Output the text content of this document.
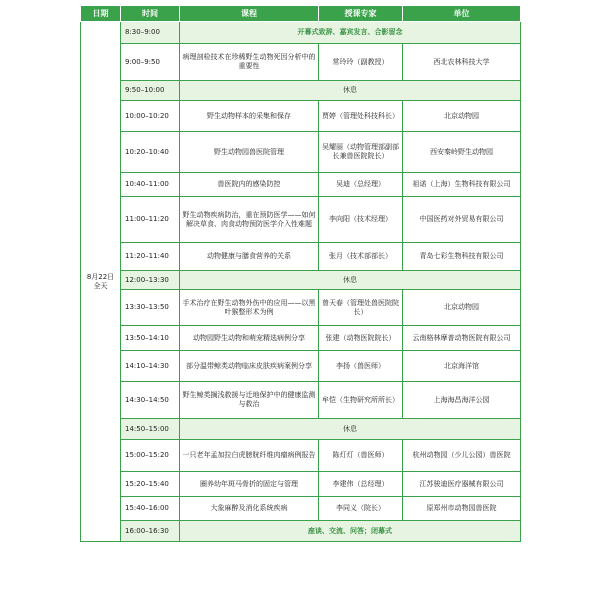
日期	时间	课程	授课专家	单位

8月22日
全天	8:30–9:00	开幕式致辞、嘉宾发言、合影留念		
	9:00–9:50	病理剖检技术在珍稀野生动物死因分析中的重要性	常玲玲（副教授）	西北农林科技大学
	9:50–10:00	休息		
	10:00–10:20	野生动物样本的采集和保存	贾婷（管理处科技科长）	北京动物园
	10:20–10:40	野生动物园兽医院管理	吴耀丽（动物管理部副部长兼兽医院院长）	西安秦岭野生动物园
	10:40–11:00	兽医院内的感染防控	吴迪（总经理）	祖诺（上海）生物科技有限公司
	11:00–11:20	野生动物疾病防治，重在预防医学——如何解决草食、肉食动物预防医学介入性难题	李向阳（技术经理）	中国医药对外贸易有限公司
	11:20–11:40	动物健康与膳食营养的关系	张月（技术部部长）	青岛七彩生物科技有限公司
	12:00–13:30	休息		
	13:30–13:50	手术治疗在野生动物外伤中的应用——以黑叶猴整形术为例	曾天春（管理处兽医院院长）	北京动物园
	13:50–14:10	动物园野生动物和萌宠精选病例分享	张建（动物医院院长）	云南格林摩普动物医院有限公司
	14:10–14:30	部分温带鲸类动物临床皮肤疾病案例分享	李扬（兽医师）	北京海洋馆
	14:30–14:50	野生鲸类搁浅救援与迁地保护中的健康监测与救治	牟恺（生物研究所所长）	上海海昌海洋公园
	14:50–15:00	休息		
	15:00–15:20	一只老年孟加拉白虎膀胱纤维肉瘤病例报告	陈灯灯（兽医师）	杭州动物园（少儿公园）兽医院
	15:20–15:40	圈养幼年斑马骨折的固定与管理	李建伟（总经理）	江苏骏迪医疗器械有限公司
	15:40–16:00	大象麻醉及消化系统疾病	李同义（院长）	原郑州市动物园兽医院
	16:00–16:30	座谈、交流、问答；闭幕式		
